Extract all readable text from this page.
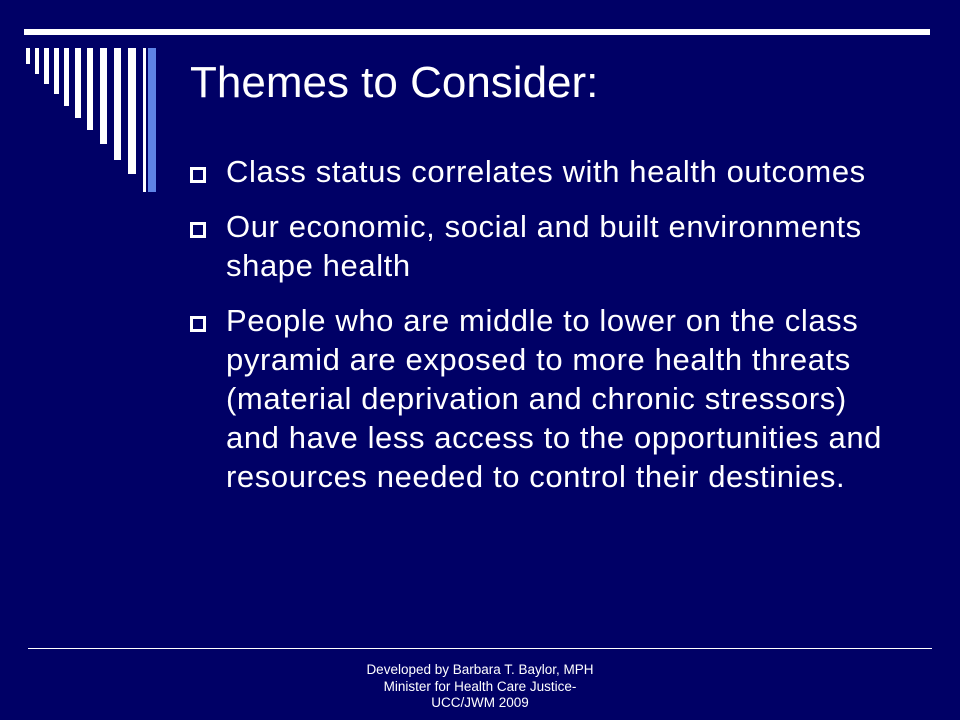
Themes to Consider:
Class status correlates with health outcomes
Our economic, social and built environments shape health
People who are middle to lower on the class pyramid are exposed to more health threats (material deprivation and chronic stressors) and have less access to the opportunities and resources needed to control their destinies.
Developed by Barbara T. Baylor, MPH
Minister for Health Care Justice-
UCC/JWM 2009
